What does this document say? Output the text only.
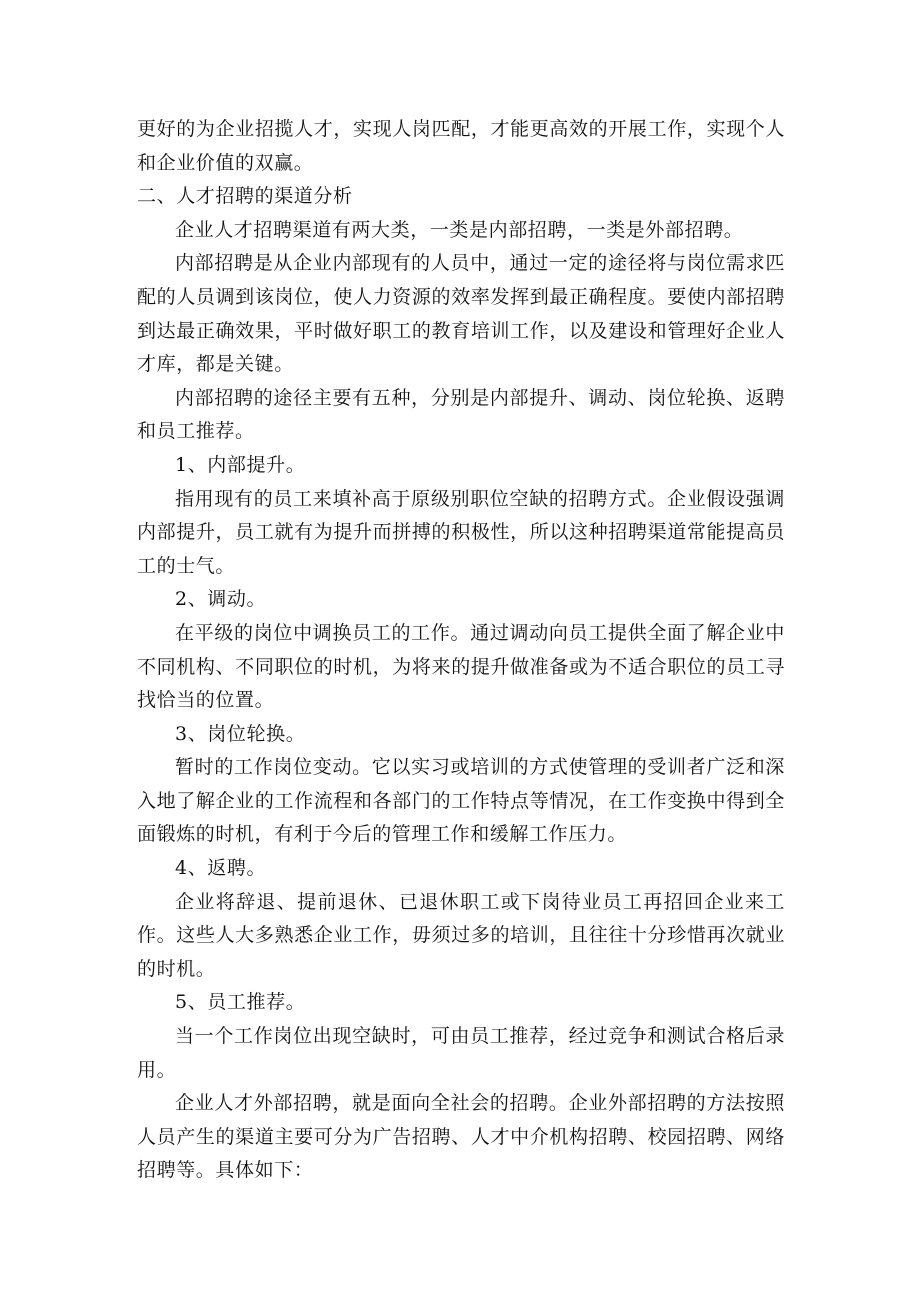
更好的为企业招揽人才，实现人岗匹配，才能更高效的开展工作，实现个人和企业价值的双赢。

二、人才招聘的渠道分析

企业人才招聘渠道有两大类，一类是内部招聘，一类是外部招聘。

内部招聘是从企业内部现有的人员中，通过一定的途径将与岗位需求匹配的人员调到该岗位，使人力资源的效率发挥到最正确程度。要使内部招聘到达最正确效果，平时做好职工的教育培训工作，以及建设和管理好企业人才库，都是关键。

内部招聘的途径主要有五种，分别是内部提升、调动、岗位轮换、返聘和员工推荐。

1、内部提升。

指用现有的员工来填补高于原级别职位空缺的招聘方式。企业假设强调内部提升，员工就有为提升而拼搏的积极性，所以这种招聘渠道常能提高员工的士气。

2、调动。

在平级的岗位中调换员工的工作。通过调动向员工提供全面了解企业中不同机构、不同职位的时机，为将来的提升做准备或为不适合职位的员工寻找恰当的位置。

3、岗位轮换。

暂时的工作岗位变动。它以实习或培训的方式使管理的受训者广泛和深入地了解企业的工作流程和各部门的工作特点等情况，在工作变换中得到全面锻炼的时机，有利于今后的管理工作和缓解工作压力。

4、返聘。

企业将辞退、提前退休、已退休职工或下岗待业员工再招回企业来工作。这些人大多熟悉企业工作，毋须过多的培训，且往往十分珍惜再次就业的时机。

5、员工推荐。

当一个工作岗位出现空缺时，可由员工推荐，经过竞争和测试合格后录用。

企业人才外部招聘，就是面向全社会的招聘。企业外部招聘的方法按照人员产生的渠道主要可分为广告招聘、人才中介机构招聘、校园招聘、网络招聘等。具体如下：
